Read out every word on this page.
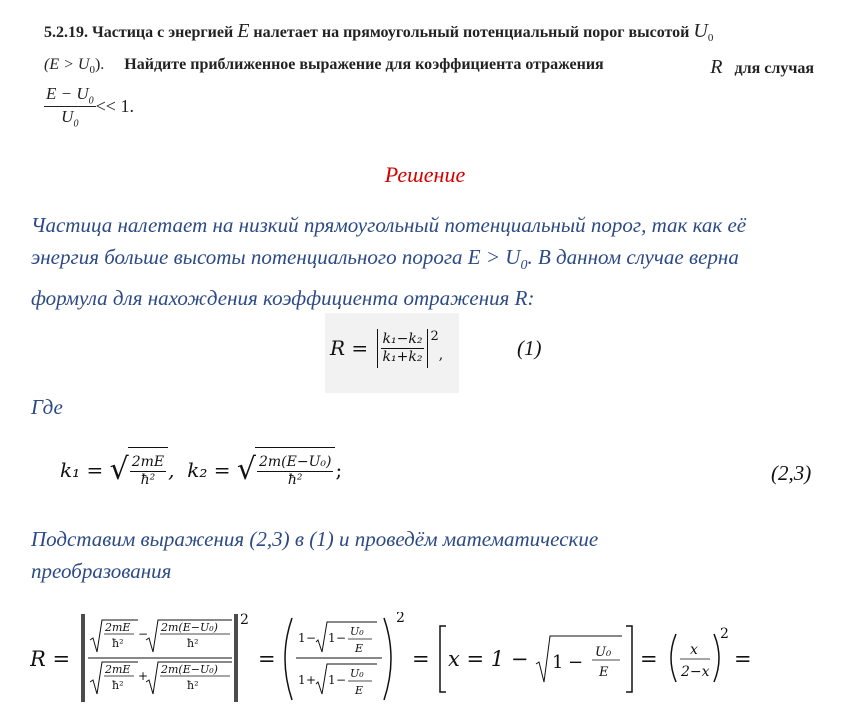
5.2.19. Частица с энергией E налетает на прямоугольный потенциальный порог высотой $U_0$
$(E > U_0)$. Найдите приближенное выражение для коэффициента отражения	R для случая
$\frac{E - U_0}{U_0} << 1$.
Решение
Частица налетает на низкий прямоугольный потенциальный порог, так как её
энергия больше высоты потенциального порога $E > U_0$. В данном случае верна
формула для нахождения коэффициента отражения R:
R =
$\frac{\text{k₁−k₂}}{\text{k₁+k₂}} 2$
,	(1)
Где
k₁ =
√ $\frac{2mE}{\text{ħ²}}$ ,  k₂ =
√ $\frac{\text{2m(E−U₀)}}{\text{ħ²}}$ ;	(2,3)
Подставим выражения (2,3) в (1) и проведём математические
преобразования
R =
2
2mE
ħ²
− 2m(E−U₀)
ħ²
2mE
ħ²
+ 2m(E−U₀)
ħ²
=
2
1 − 1 − U₀
E
1 + 1 − U₀
E
= x = 1 − 1 − U₀
E
= x
2−x
2
=
